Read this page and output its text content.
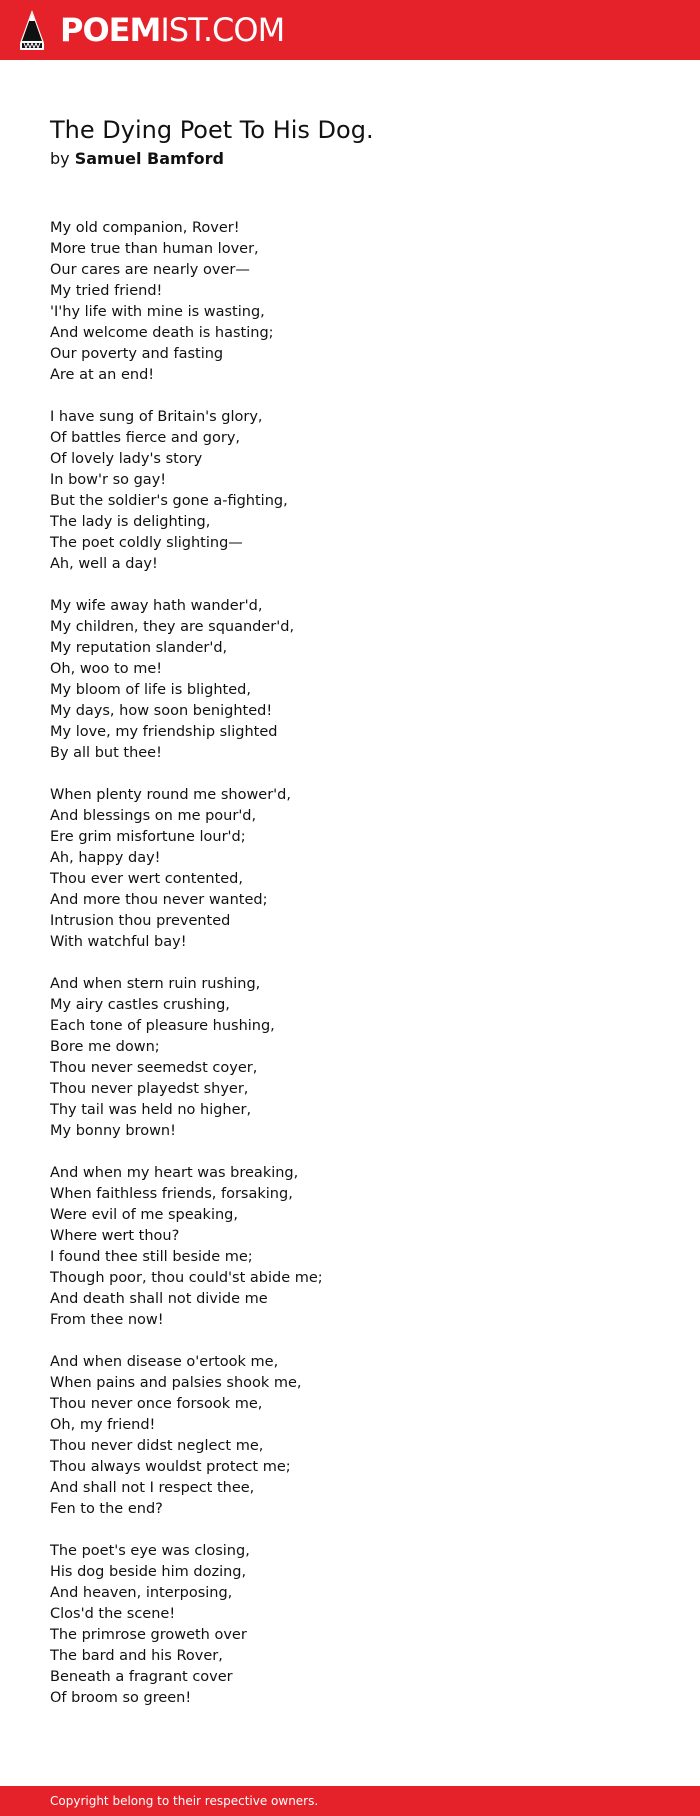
POEMIST.COM
The Dying Poet To His Dog.
by Samuel Bamford
My old companion, Rover!
More true than human lover,
Our cares are nearly over—
My tried friend!
'I'hy life with mine is wasting,
And welcome death is hasting;
Our poverty and fasting
Are at an end!
I have sung of Britain's glory,
Of battles fierce and gory,
Of lovely lady's story
In bow'r so gay!
But the soldier's gone a-fighting,
The lady is delighting,
The poet coldly slighting—
Ah, well a day!
My wife away hath wander'd,
My children, they are squander'd,
My reputation slander'd,
Oh, woo to me!
My bloom of life is blighted,
My days, how soon benighted!
My love, my friendship slighted
By all but thee!
When plenty round me shower'd,
And blessings on me pour'd,
Ere grim misfortune lour'd;
Ah, happy day!
Thou ever wert contented,
And more thou never wanted;
Intrusion thou prevented
With watchful bay!
And when stern ruin rushing,
My airy castles crushing,
Each tone of pleasure hushing,
Bore me down;
Thou never seemedst coyer,
Thou never playedst shyer,
Thy tail was held no higher,
My bonny brown!
And when my heart was breaking,
When faithless friends, forsaking,
Were evil of me speaking,
Where wert thou?
I found thee still beside me;
Though poor, thou could'st abide me;
And death shall not divide me
From thee now!
And when disease o'ertook me,
When pains and palsies shook me,
Thou never once forsook me,
Oh, my friend!
Thou never didst neglect me,
Thou always wouldst protect me;
And shall not I respect thee,
Fen to the end?
The poet's eye was closing,
His dog beside him dozing,
And heaven, interposing,
Clos'd the scene!
The primrose groweth over
The bard and his Rover,
Beneath a fragrant cover
Of broom so green!
Copyright belong to their respective owners.
